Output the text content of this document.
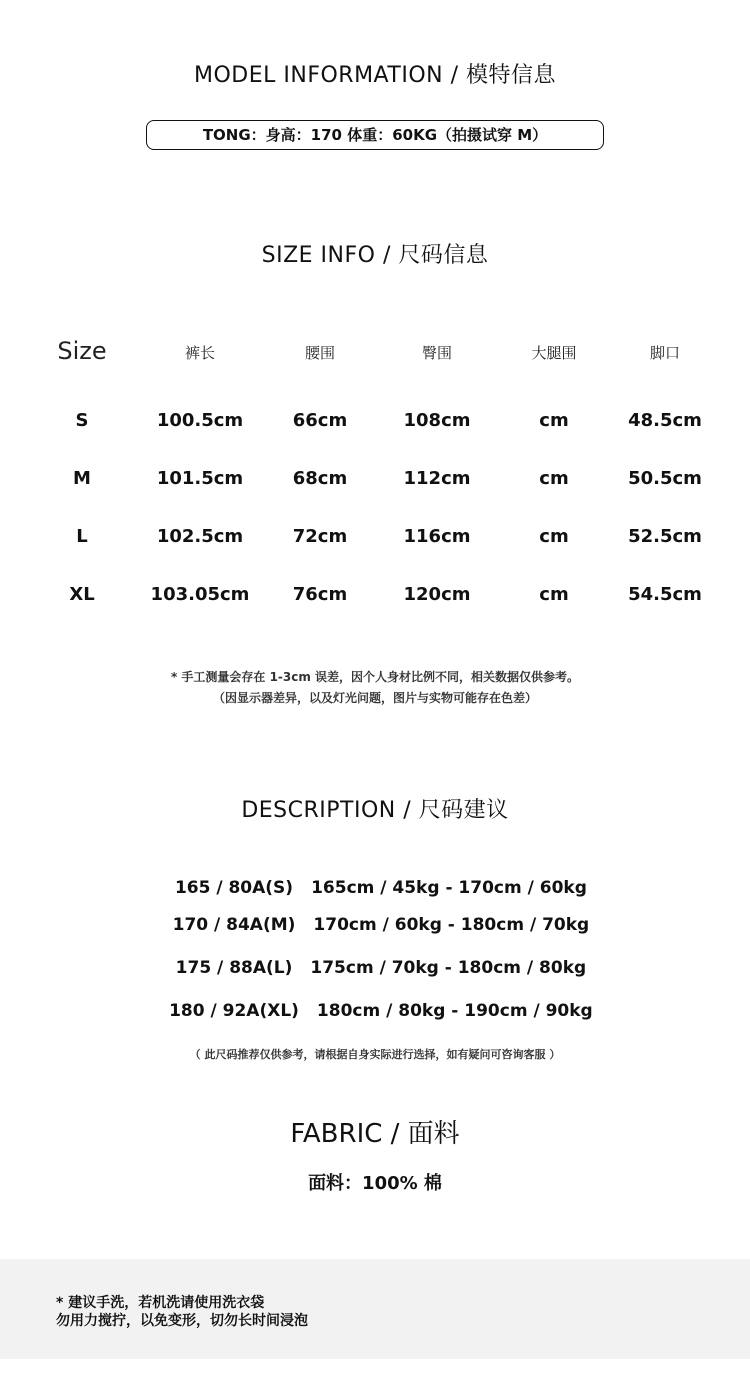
MODEL INFORMATION / 模特信息
TONG：身高：170 体重：60KG（拍摄试穿 M）
SIZE INFO / 尺码信息
Size	裤长	腰围	臀围	大腿围	脚口
S	100.5cm	66cm	108cm	cm	48.5cm
M	101.5cm	68cm	112cm	cm	50.5cm
L	102.5cm	72cm	116cm	cm	52.5cm
XL	103.05cm	76cm	120cm	cm	54.5cm
* 手工测量会存在 1-3cm 误差，因个人身材比例不同，相关数据仅供参考。
（因显示器差异，以及灯光问题，图片与实物可能存在色差）
DESCRIPTION / 尺码建议

165 / 80A(S) 165cm / 45kg - 170cm / 60kg

170 / 84A(M) 170cm / 60kg - 180cm / 70kg

175 / 88A(L) 175cm / 70kg - 180cm / 80kg

180 / 92A(XL) 180cm / 80kg - 190cm / 90kg

（ 此尺码推荐仅供参考，请根据自身实际进行选择，如有疑问可咨询客服 ）
FABRIC / 面料
面料：100% 棉
* 建议手洗，若机洗请使用洗衣袋
勿用力搅拧，以免变形，切勿长时间浸泡
